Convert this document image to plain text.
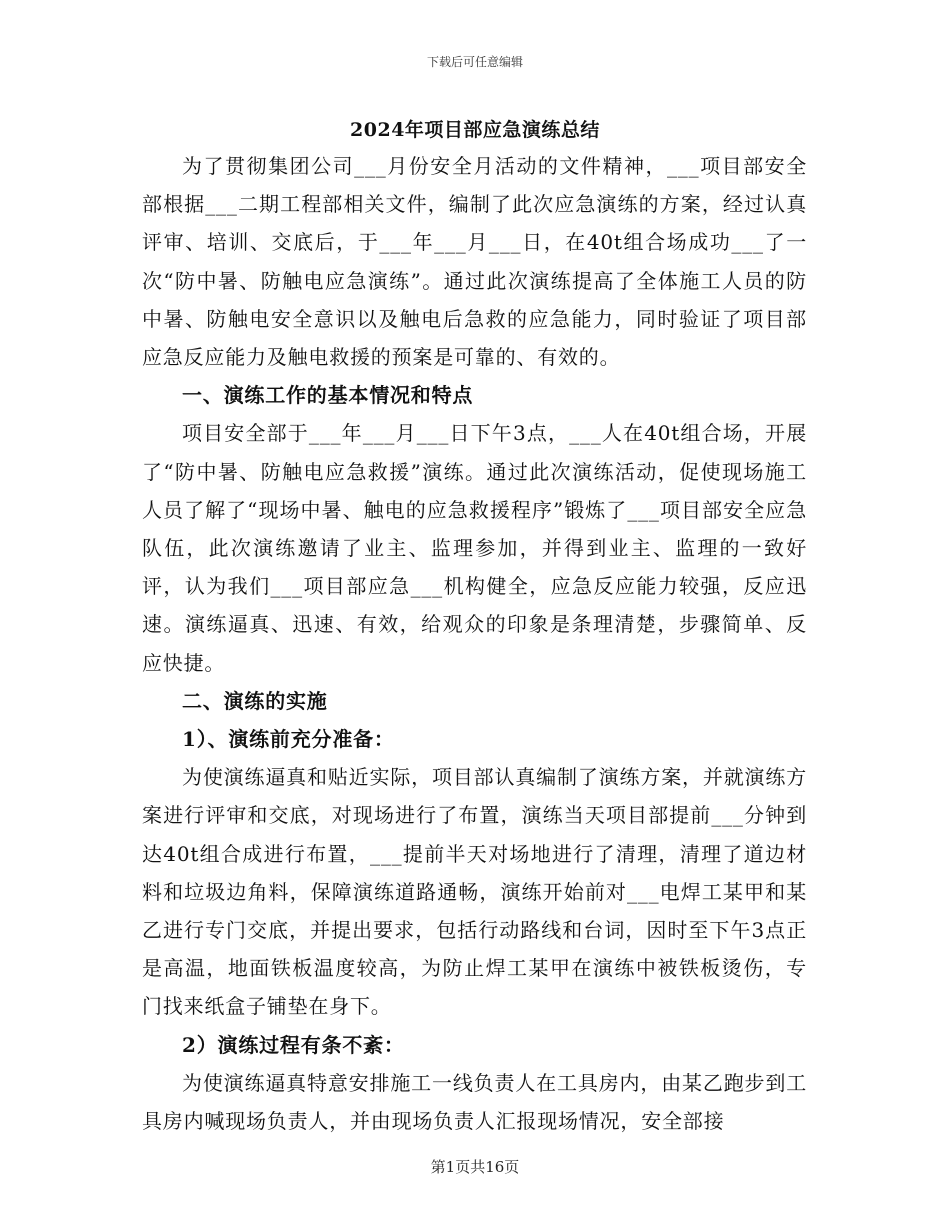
下载后可任意编辑
2024年项目部应急演练总结

为了贯彻集团公司___月份安全月活动的文件精神，___项目部安全部根据___二期工程部相关文件，编制了此次应急演练的方案，经过认真评审、培训、交底后，于___年___月___日，在40t组合场成功___了一次“防中暑、防触电应急演练”。通过此次演练提高了全体施工人员的防中暑、防触电安全意识以及触电后急救的应急能力，同时验证了项目部应急反应能力及触电救援的预案是可靠的、有效的。

一、演练工作的基本情况和特点

项目安全部于___年___月___日下午3点，___人在40t组合场，开展了“防中暑、防触电应急救援”演练。通过此次演练活动，促使现场施工人员了解了“现场中暑、触电的应急救援程序”锻炼了___项目部安全应急队伍，此次演练邀请了业主、监理参加，并得到业主、监理的一致好评，认为我们___项目部应急___机构健全，应急反应能力较强，反应迅速。演练逼真、迅速、有效，给观众的印象是条理清楚，步骤简单、反应快捷。

二、演练的实施
1）、演练前充分准备：

为使演练逼真和贴近实际，项目部认真编制了演练方案，并就演练方案进行评审和交底，对现场进行了布置，演练当天项目部提前___分钟到达40t组合成进行布置，___提前半天对场地进行了清理，清理了道边材料和垃圾边角料，保障演练道路通畅，演练开始前对___电焊工某甲和某乙进行专门交底，并提出要求，包括行动路线和台词，因时至下午3点正是高温，地面铁板温度较高，为防止焊工某甲在演练中被铁板烫伤，专门找来纸盒子铺垫在身下。

2）演练过程有条不紊：

为使演练逼真特意安排施工一线负责人在工具房内，由某乙跑步到工具房内喊现场负责人，并由现场负责人汇报现场情况，安全部接

第1页共16页
